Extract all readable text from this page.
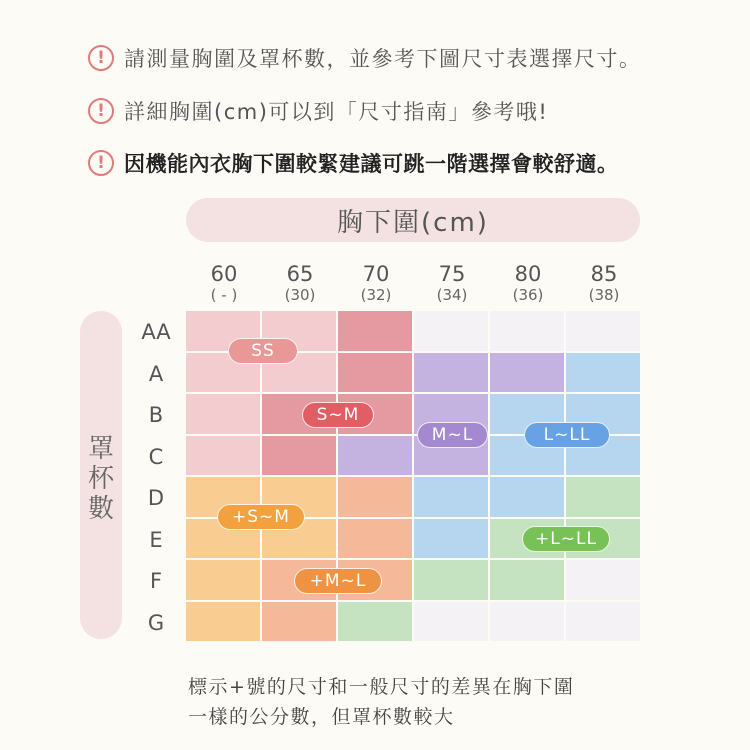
! 請測量胸圍及罩杯數，並參考下圖尺寸表選擇尺寸。
! 詳細胸圍(cm)可以到「尺寸指南」參考哦!
! 因機能內衣胸下圍較緊建議可跳一階選擇會較舒適。
胸下圍(cm)
罩
杯
數
60
( - )
65
(30)
70
(32)
75
(34)
80
(36)
85
(38)
AA
A
B
C
D
E
F
G
SS
S~M
M~L	L~LL
+S~M
+M~L
+L~LL
標示+號的尺寸和一般尺寸的差異在胸下圍
一樣的公分數，但罩杯數較大
